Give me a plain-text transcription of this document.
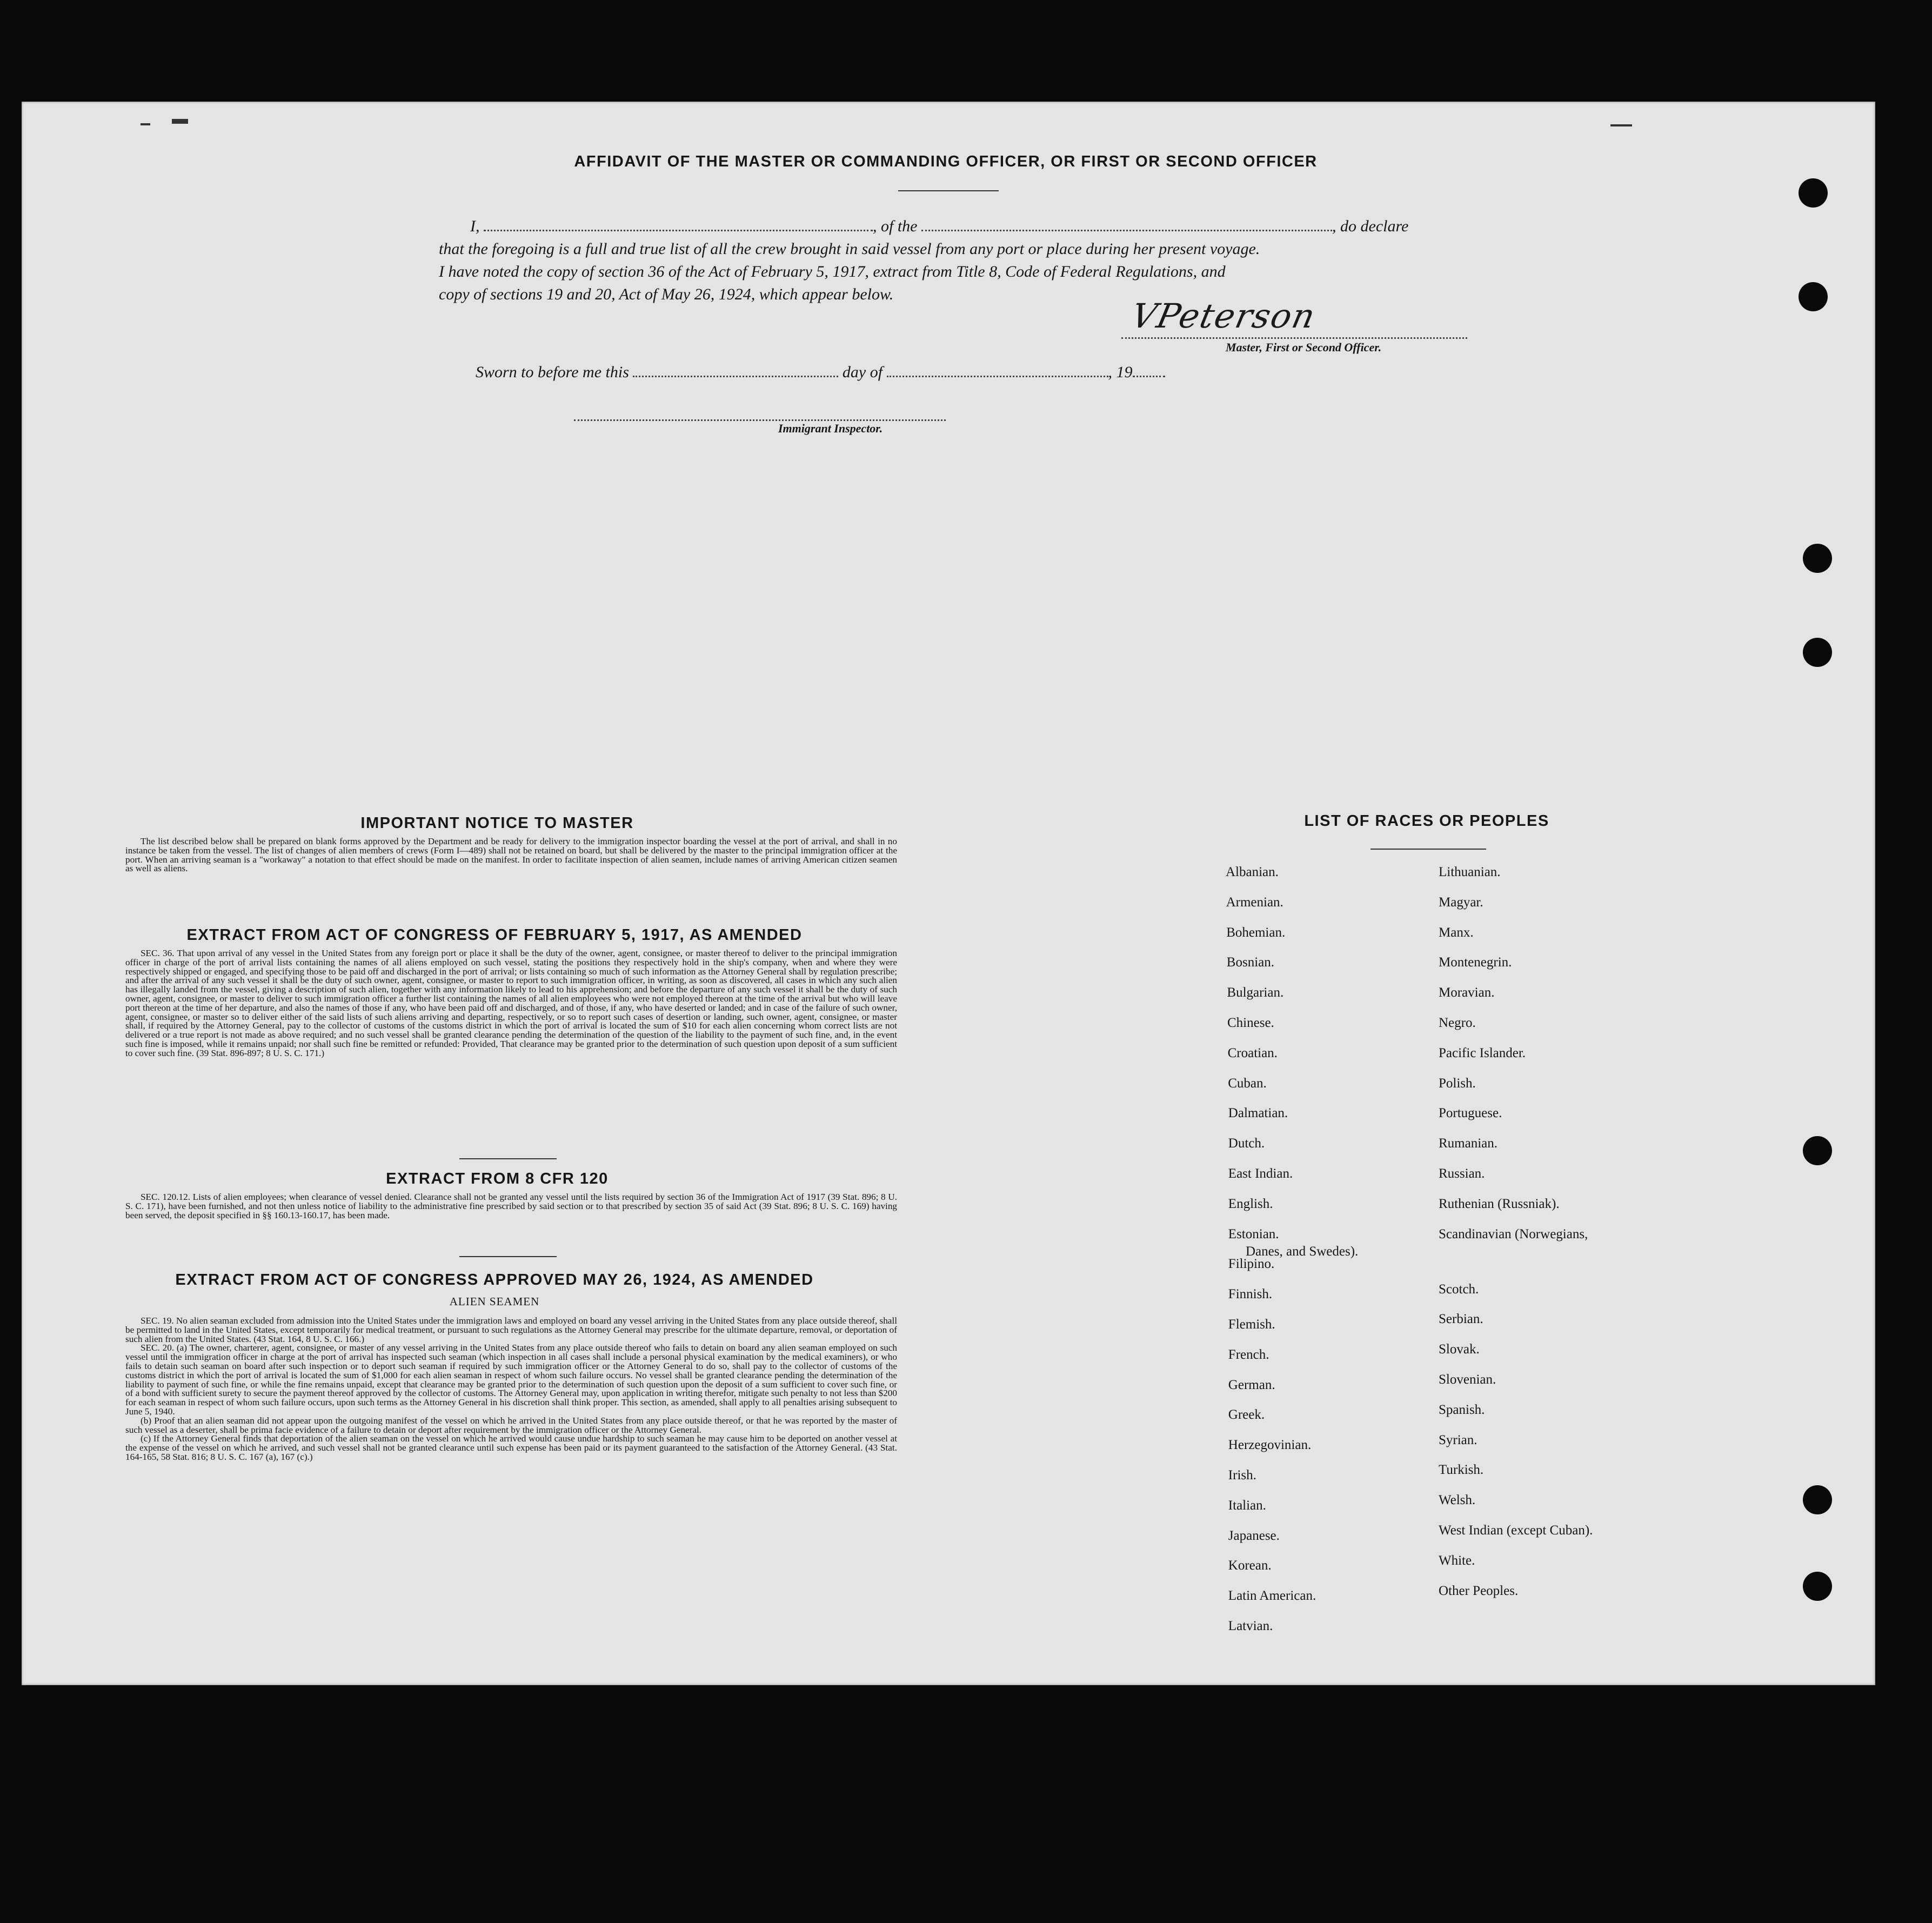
AFFIDAVIT OF THE MASTER OR COMMANDING OFFICER, OR FIRST OR SECOND OFFICER
I,	, of the	, do declare
that the foregoing is a full and true list of all the crew brought in said vessel from any port or place during her present voyage.
I have noted the copy of section 36 of the Act of February 5, 1917, extract from Title 8, Code of Federal Regulations, and
copy of sections 19 and 20, Act of May 26, 1924, which appear below.
VPeterson
Master, First or Second Officer.
Sworn to before me this	day of	, 19
Immigrant Inspector.
IMPORTANT NOTICE TO MASTER

The list described below shall be prepared on blank forms approved by the Department and be ready for delivery to the immigration inspector boarding the vessel at the port of arrival, and shall in no instance be taken from the vessel. The list of changes of alien members of crews (Form I—489) shall not be retained on board, but shall be delivered by the master to the principal immigration officer at the port. When an arriving seaman is a "workaway" a notation to that effect should be made on the manifest. In order to facilitate inspection of alien seamen, include names of arriving American citizen seamen as well as aliens.

EXTRACT FROM ACT OF CONGRESS OF FEBRUARY 5, 1917, AS AMENDED

SEC. 36. That upon arrival of any vessel in the United States from any foreign port or place it shall be the duty of the owner, agent, consignee, or master thereof to deliver to the principal immigration officer in charge of the port of arrival lists containing the names of all aliens employed on such vessel, stating the positions they respectively hold in the ship's company, when and where they were respectively shipped or engaged, and specifying those to be paid off and discharged in the port of arrival; or lists containing so much of such information as the Attorney General shall by regulation prescribe; and after the arrival of any such vessel it shall be the duty of such owner, agent, consignee, or master to report to such immigration officer, in writing, as soon as discovered, all cases in which any such alien has illegally landed from the vessel, giving a description of such alien, together with any information likely to lead to his apprehension; and before the departure of any such vessel it shall be the duty of such owner, agent, consignee, or master to deliver to such immigration officer a further list containing the names of all alien employees who were not employed thereon at the time of the arrival but who will leave port thereon at the time of her departure, and also the names of those if any, who have been paid off and discharged, and of those, if any, who have deserted or landed; and in case of the failure of such owner, agent, consignee, or master so to deliver either of the said lists of such aliens arriving and departing, respectively, or so to report such cases of desertion or landing, such owner, agent, consignee, or master shall, if required by the Attorney General, pay to the collector of customs of the customs district in which the port of arrival is located the sum of $10 for each alien concerning whom correct lists are not delivered or a true report is not made as above required; and no such vessel shall be granted clearance pending the determination of the question of the liability to the payment of such fine, and, in the event such fine is imposed, while it remains unpaid; nor shall such fine be remitted or refunded: Provided, That clearance may be granted prior to the determination of such question upon deposit of a sum sufficient to cover such fine. (39 Stat. 896-897; 8 U. S. C. 171.)

EXTRACT FROM 8 CFR 120

SEC. 120.12. Lists of alien employees; when clearance of vessel denied. Clearance shall not be granted any vessel until the lists required by section 36 of the Immigration Act of 1917 (39 Stat. 896; 8 U. S. C. 171), have been furnished, and not then unless notice of liability to the administrative fine prescribed by said section or to that prescribed by section 35 of said Act (39 Stat. 896; 8 U. S. C. 169) having been served, the deposit specified in §§ 160.13-160.17, has been made.

EXTRACT FROM ACT OF CONGRESS APPROVED MAY 26, 1924, AS AMENDED
ALIEN SEAMEN

SEC. 19. No alien seaman excluded from admission into the United States under the immigration laws and employed on board any vessel arriving in the United States from any place outside thereof, shall be permitted to land in the United States, except temporarily for medical treatment, or pursuant to such regulations as the Attorney General may prescribe for the ultimate departure, removal, or deportation of such alien from the United States. (43 Stat. 164, 8 U. S. C. 166.)

SEC. 20. (a) The owner, charterer, agent, consignee, or master of any vessel arriving in the United States from any place outside thereof who fails to detain on board any alien seaman employed on such vessel until the immigration officer in charge at the port of arrival has inspected such seaman (which inspection in all cases shall include a personal physical examination by the medical examiners), or who fails to detain such seaman on board after such inspection or to deport such seaman if required by such immigration officer or the Attorney General to do so, shall pay to the collector of customs of the customs district in which the port of arrival is located the sum of $1,000 for each alien seaman in respect of whom such failure occurs. No vessel shall be granted clearance pending the determination of the liability to payment of such fine, or while the fine remains unpaid, except that clearance may be granted prior to the determination of such question upon the deposit of a sum sufficient to cover such fine, or of a bond with sufficient surety to secure the payment thereof approved by the collector of customs. The Attorney General may, upon application in writing therefor, mitigate such penalty to not less than $200 for each seaman in respect of whom such failure occurs, upon such terms as the Attorney General in his discretion shall think proper. This section, as amended, shall apply to all penalties arising subsequent to June 5, 1940.

(b) Proof that an alien seaman did not appear upon the outgoing manifest of the vessel on which he arrived in the United States from any place outside thereof, or that he was reported by the master of such vessel as a deserter, shall be prima facie evidence of a failure to detain or deport after requirement by the immigration officer or the Attorney General.

(c) If the Attorney General finds that deportation of the alien seaman on the vessel on which he arrived would cause undue hardship to such seaman he may cause him to be deported on another vessel at the expense of the vessel on which he arrived, and such vessel shall not be granted clearance until such expense has been paid or its payment guaranteed to the satisfaction of the Attorney General. (43 Stat. 164-165, 58 Stat. 816; 8 U. S. C. 167 (a), 167 (c).)

LIST OF RACES OR PEOPLES
Albanian.
Armenian.
Bohemian.
Bosnian.
Bulgarian.
Chinese.
Croatian.
Cuban.
Dalmatian.
Dutch.
East Indian.
English.
Estonian.
Filipino.
Finnish.
Flemish.
French.
German.
Greek.
Herzegovinian.
Irish.
Italian.
Japanese.
Korean.
Latin American.
Latvian.
Lithuanian.
Magyar.
Manx.
Montenegrin.
Moravian.
Negro.
Pacific Islander.
Polish.
Portuguese.
Rumanian.
Russian.
Ruthenian (Russniak).
Scandinavian (Norwegians,
Danes, and Swedes).
Scotch.
Serbian.
Slovak.
Slovenian.
Spanish.
Syrian.
Turkish.
Welsh.
West Indian (except Cuban).
White.
Other Peoples.
